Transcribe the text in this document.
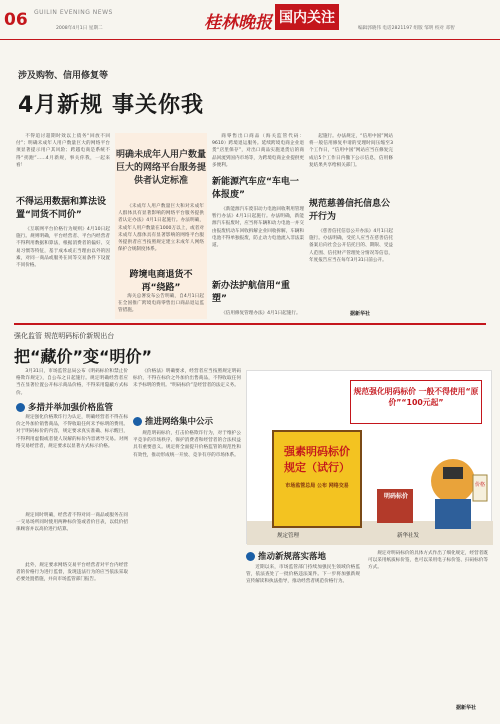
06 GUILIN EVENING NEWS
2008年4月1日 星期二	桂林晚报 国内关注
编辑郭晓伟 电话2821197 组版 邹明 校对 邓智
涉及购物、信用修复等
4月新规 事关你我

不得追讨超期时效以上债务“回放不回付”；明确未成年人用户数量巨大的网络平台须显著提示用户其风险；跨越电商是系统不得“拐跑”……4月新规，事关你我，一起来看！

不得运用数据和算法设置“同货不同价”

《互联网平台价格行为规则》4月10日起施行。规则明确，平台经营者、平台内经营者不得利用数据和算法，根据消费者的偏好、交易习惯等特征，基于成本或正当理由以外的因素，对同一商品或服务在同等交易条件下设置不同价格。

明确未成年人用户数量巨大的网络平台服务提供者认定标准

《未成年人用户数量巨大和对未成年人群体具有显著影响的网络平台服务提供者认定办法》4月1日起施行。办法明确，未成年人用户数量在1000万以上，或者对未成年人群体具有显著影响的网络平台服务提供者应当按照规定建立未成年人网络保护合规制度体系。

跨境电商退货不再“绕路”

海关总署发布公告明确，自4月1日起在全国推广跨境电商零售出口商品退运监管措施。

商零售出口商品（海关监管代码：9610）跨境退运服务。延续跨境电商企业退货“店里保存”，对出口商品实施退货后的商品回流到国内市场等，为跨境电商企业提供更多便利。

新能源汽车应“车电一体报废”

《新能源汽车废旧动力电池回收利用管理暂行办法》4月1日起施行。办法明确，新能源汽车报废时，应当将车辆和动力电池一并交由报废机动车回收拆解企业回收拆解，车辆和电池不得单独报废，防止动力电池流入非法渠道。

新办法护航信用“重塑”

《信用修复管理办法》4月1日起施行。

起施行。办法规定，“信用中国”网站将一般信用修复申请的受理时间压缩至3个工作日，“信用中国”网站应当在修复完成后5个工作日内撤下公示信息，信用修复结果共享给相关部门。

规范慈善信托信息公开行为

《慈善信托信息公开办法》4月1日起施行。办法明确，受托人应当在慈善信托备案后向社会公开信托目的、期限、受益人范围、信托财产管理处分情况等信息，年度报告应当在每年3月31日前公开。

据新华社
强化监管 规范明码标价新规出台
把“藏价”变“明价”

3月31日，市场监管总局公布《明码标价和禁止价格欺诈规定》，自公布之日起施行。规定明确经营者应当在显著位置公开标示商品价格，不得采用隐蔽方式标价。

多措并举加强价格监管

规定强化价格欺诈行为认定，明确经营者不得在标价之外加价销售商品，不得收取任何未予标明的费用。对于明码标价的内容，规定要求真实准确、标示醒目，不得利用虚假或者使人误解的标价内容诱导交易。对网络交易经营者，规定要求以显著方式标示价格。

规定同时明确，经营者不得对同一商品或服务在同一交易场所同时使用两种标价签或者价目表，以低价招徕顾客并以高价进行结算。

此外，规定要求网络交易平台经营者对平台内经营者的价格行为进行监督，发现违法行为的应当依法采取必要处置措施，并向市场监管部门报告。

《价格法》明确要求，经营者应当按照规定明码标价，不得在标价之外加价出售商品，不得收取任何未予标明的费用。“明码标价”是经营者的法定义务。

推进网络集中公示

规范明码标价，打击价格欺诈行为，对于维护公平竞争的市场秩序、保护消费者和经营者的合法权益具有重要意义。规定将全面提升价格监管的规范性和有效性，推动形成统一开放、竞争有序的市场体系。

明码标价
价格
规定管理	新华社发
规范强化明码标价 一般不得使用“原价”“100元起”
强素明码标价规定（试行）
市场监管总局 公布 网络交易
推动新规落实落地

近期以来，市场监管部门持续加强民生领域价格监管，依法查处了一批价格违法案件。下一步将加强新规宣传解读和执法指导，推动经营者规范价格行为。

规定对明码标价的具体方式作出了细化规定，经营者既可以采用纸质标价签，也可以采用电子标价签、扫码标价等方式。

据新华社
